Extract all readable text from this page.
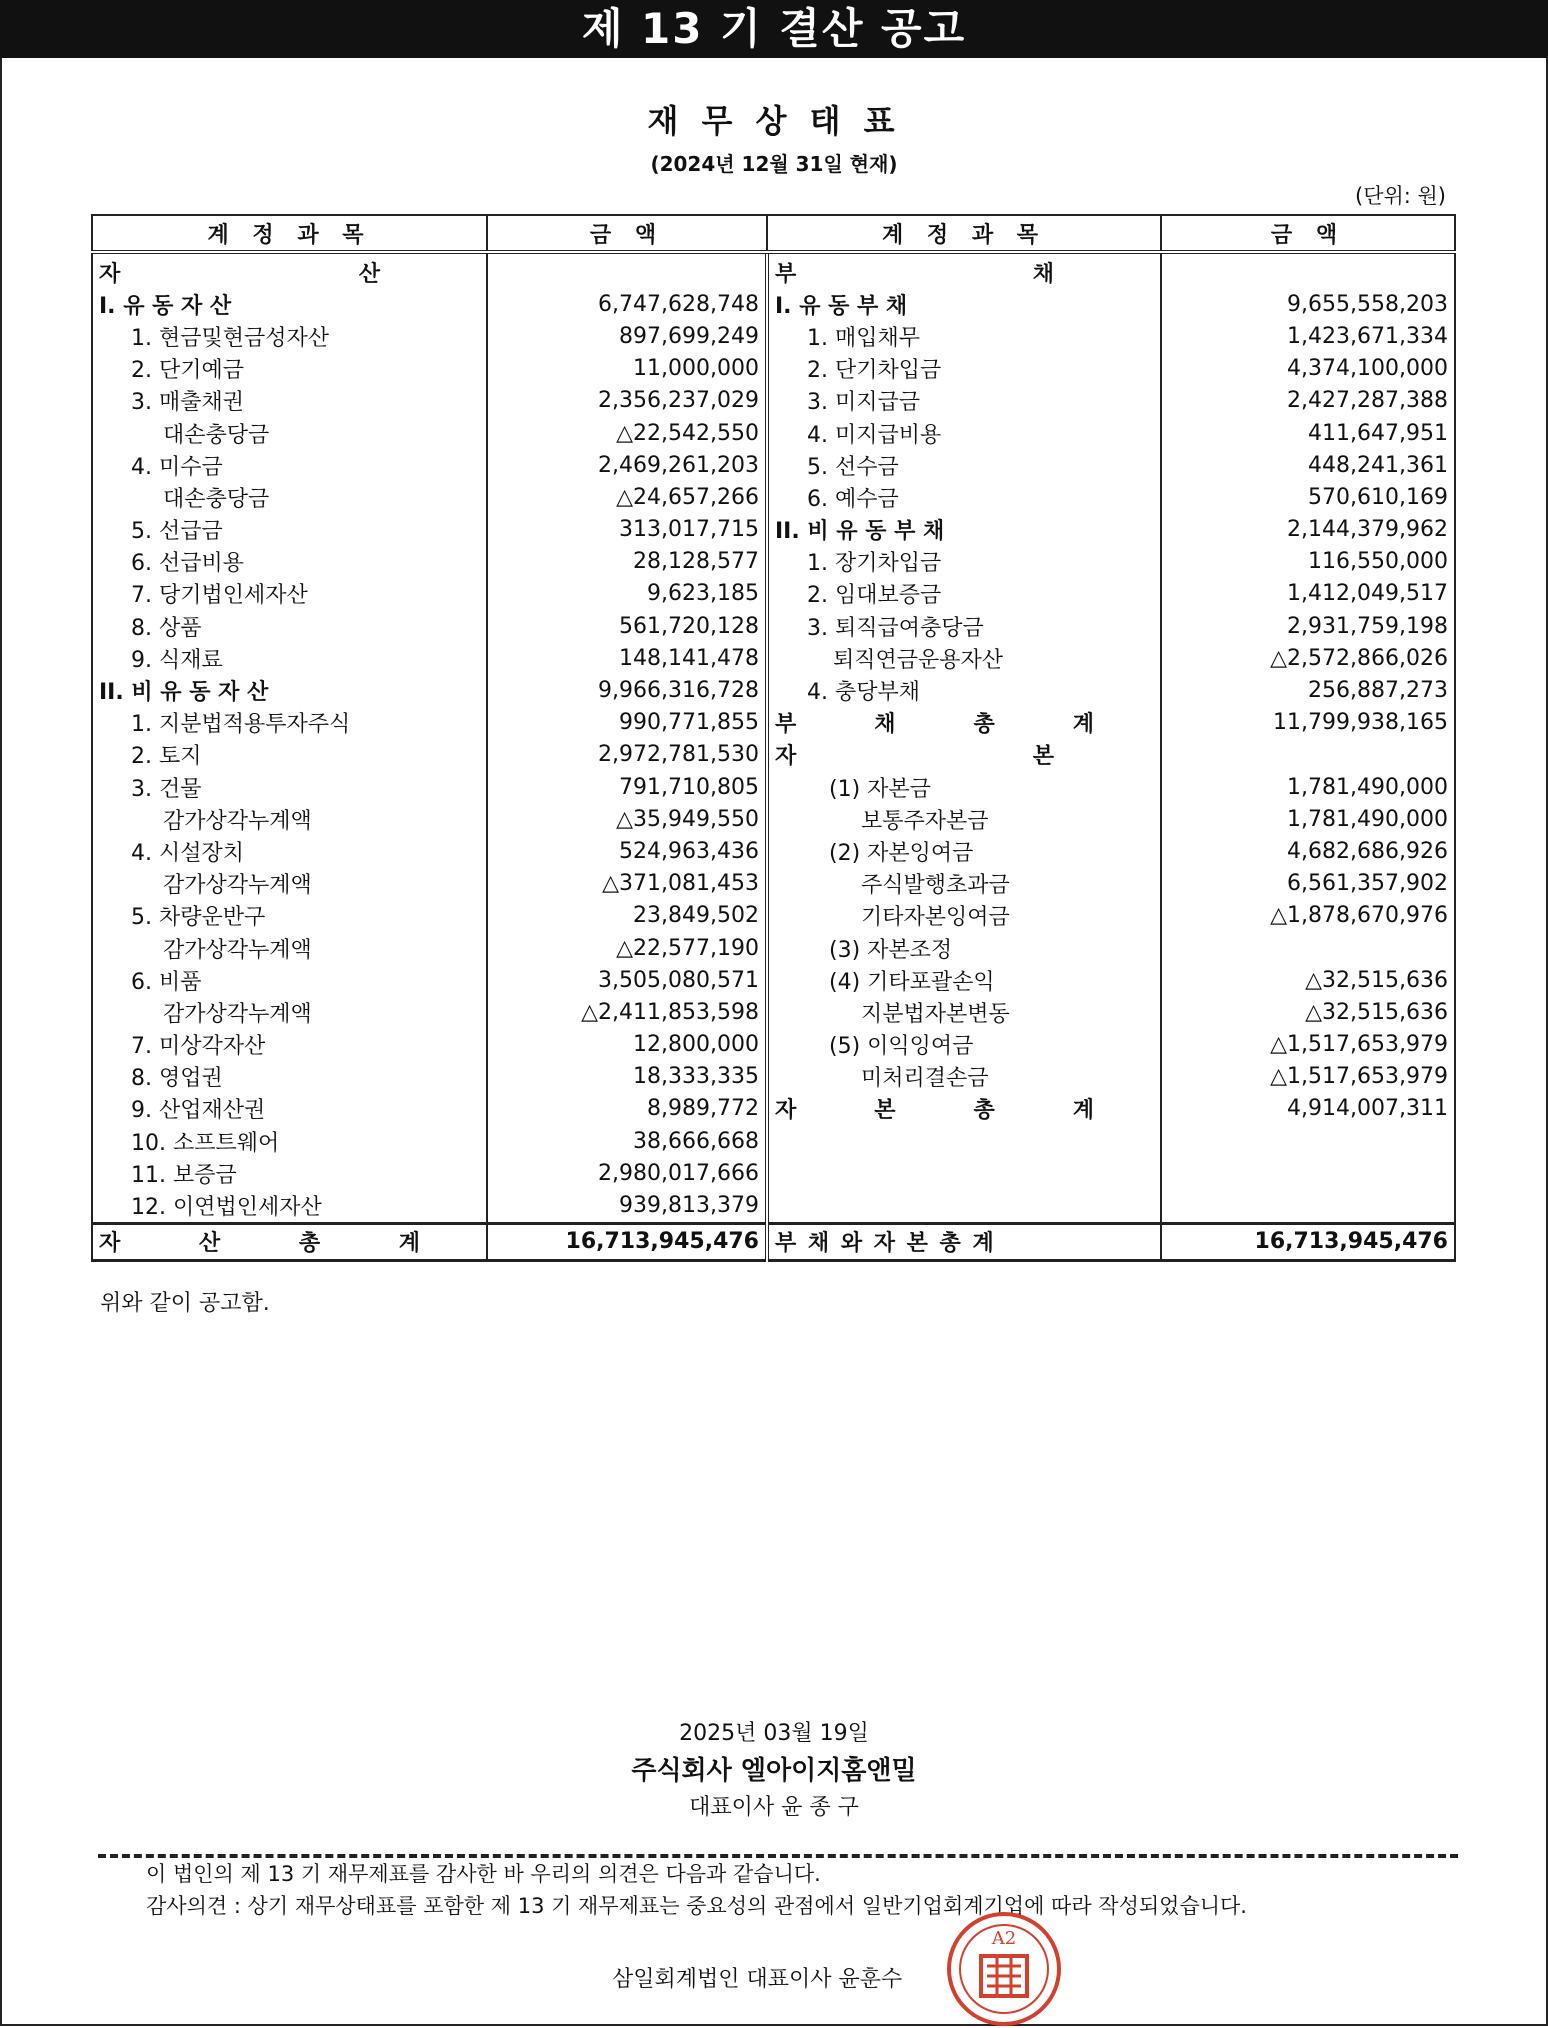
제 13 기 결산 공고
재 무 상 태 표
(2024년 12월 31일 현재)
(단위: 원)
계 정 과 목	금 액	계 정 과 목	금 액

자 산		부 채	

I. 유 동 자 산	6,747,628,748	I. 유 동 부 채	9,655,558,203
1. 현금및현금성자산	897,699,249	1. 매입채무	1,423,671,334
2. 단기예금	11,000,000	2. 단기차입금	4,374,100,000
3. 매출채권	2,356,237,029	3. 미지급금	2,427,287,388
대손충당금	△22,542,550	4. 미지급비용	411,647,951
4. 미수금	2,469,261,203	5. 선수금	448,241,361
대손충당금	△24,657,266	6. 예수금	570,610,169
5. 선급금	313,017,715	II. 비 유 동 부 채	2,144,379,962
6. 선급비용	28,128,577	1. 장기차입금	116,550,000
7. 당기법인세자산	9,623,185	2. 임대보증금	1,412,049,517
8. 상품	561,720,128	3. 퇴직급여충당금	2,931,759,198
9. 식재료	148,141,478	퇴직연금운용자산	△2,572,866,026
II. 비 유 동 자 산	9,966,316,728	4. 충당부채	256,887,273
1. 지분법적용투자주식	990,771,855	부 채 총 계	11,799,938,165
2. 토지	2,972,781,530	자 본	

3. 건물	791,710,805	(1) 자본금	1,781,490,000
감가상각누계액	△35,949,550	보통주자본금	1,781,490,000
4. 시설장치	524,963,436	(2) 자본잉여금	4,682,686,926
감가상각누계액	△371,081,453	주식발행초과금	6,561,357,902
5. 차량운반구	23,849,502	기타자본잉여금	△1,878,670,976
감가상각누계액	△22,577,190	(3) 자본조정	
6. 비품	3,505,080,571	(4) 기타포괄손익	△32,515,636
감가상각누계액	△2,411,853,598	지분법자본변동	△32,515,636
7. 미상각자산	12,800,000	(5) 이익잉여금	△1,517,653,979
8. 영업권	18,333,335	미처리결손금	△1,517,653,979
9. 산업재산권	8,989,772	자 본 총 계	4,914,007,311
10. 소프트웨어	38,666,668		
11. 보증금	2,980,017,666		
12. 이연법인세자산	939,813,379		

자 산 총 계	16,713,945,476	부 채 와 자 본 총 계	16,713,945,476
위와 같이 공고함.
2025년 03월 19일
주식회사 엘아이지홈앤밀
대표이사 윤 종 구
이 법인의 제 13 기 재무제표를 감사한 바 우리의 의견은 다음과 같습니다.
감사의견 : 상기 재무상태표를 포함한 제 13 기 재무제표는 중요성의 관점에서 일반기업회계기업에 따라 작성되었습니다.
삼일회계법인 대표이사 윤훈수
A2
